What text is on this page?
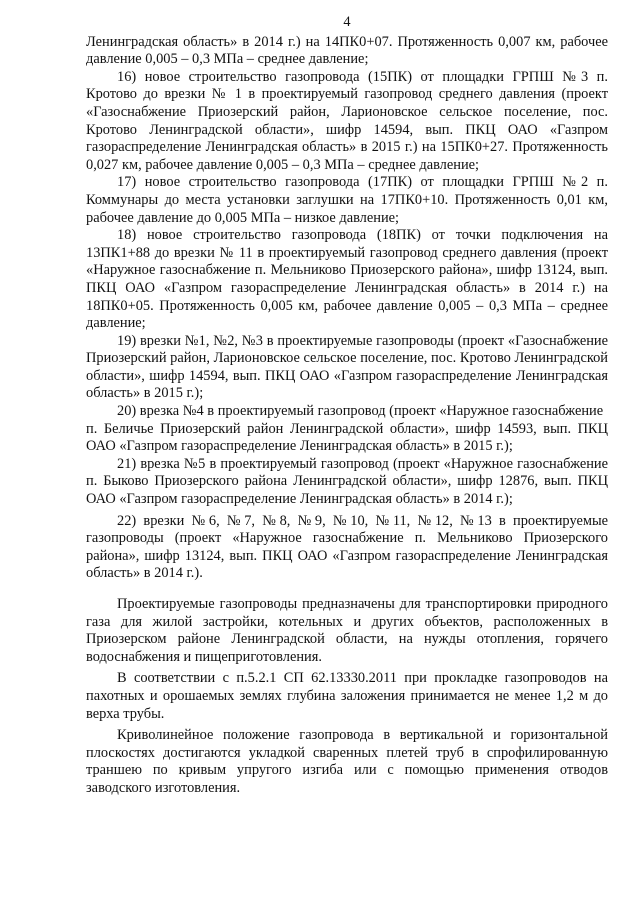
4

Ленинградская область» в 2014 г.) на 14ПК0+07. Протяженность 0,007 км, рабочее давление 0,005 – 0,3 МПа – среднее давление;

16) новое строительство газопровода (15ПК) от площадки ГРПШ №3 п. Кротово до врезки № 1 в проектируемый газопровод среднего давления (проект «Газоснабжение Приозерский район, Ларионовское сельское поселение, пос. Кротово Ленинградской области», шифр 14594, вып. ПКЦ ОАО «Газпром газораспределение Ленинградская область» в 2015 г.) на 15ПК0+27. Протяженность 0,027 км, рабочее давление 0,005 – 0,3 МПа – среднее давление;

17) новое строительство газопровода (17ПК) от площадки ГРПШ №2 п. Коммунары до места установки заглушки на 17ПК0+10. Протяженность 0,01 км, рабочее давление до 0,005 МПа – низкое давление;

18) новое строительство газопровода (18ПК) от точки подключения на 13ПК1+88 до врезки № 11 в проектируемый газопровод среднего давления (проект «Наружное газоснабжение п. Мельниково Приозерского района», шифр 13124, вып. ПКЦ ОАО «Газпром газораспределение Ленинградская область» в 2014 г.) на 18ПК0+05. Протяженность 0,005 км, рабочее давление 0,005 – 0,3 МПа – среднее давление;

19) врезки №1, №2, №3 в проектируемые газопроводы (проект «Газоснабжение Приозерский район, Ларионовское сельское поселение, пос. Кротово Ленинградской области», шифр 14594, вып. ПКЦ ОАО «Газпром газораспределение Ленинградская область» в 2015 г.);

20) врезка №4 в проектируемый газопровод (проект «Наружное газоснабжение

п. Беличье Приозерский район Ленинградской области», шифр 14593, вып. ПКЦ ОАО «Газпром газораспределение Ленинградская область» в 2015 г.);

21) врезка №5 в проектируемый газопровод (проект «Наружное газоснабжение п. Быково Приозерского района Ленинградской области», шифр 12876, вып. ПКЦ ОАО «Газпром газораспределение Ленинградская область» в 2014 г.);

22) врезки №6, №7, №8, №9, №10, №11, №12, №13 в проектируемые газопроводы (проект «Наружное газоснабжение п. Мельниково Приозерского района», шифр 13124, вып. ПКЦ ОАО «Газпром газораспределение Ленинградская область» в 2014 г.).

Проектируемые газопроводы предназначены для транспортировки природного газа для жилой застройки, котельных и других объектов, расположенных в Приозерском районе Ленинградской области, на нужды отопления, горячего водоснабжения и пищеприготовления.

В соответствии с п.5.2.1 СП 62.13330.2011 при прокладке газопроводов на пахотных и орошаемых землях глубина заложения принимается не менее 1,2 м до верха трубы.

Криволинейное положение газопровода в вертикальной и горизонтальной плоскостях достигаются укладкой сваренных плетей труб в спрофилированную траншею по кривым упругого изгиба или с помощью применения отводов заводского изготовления.
